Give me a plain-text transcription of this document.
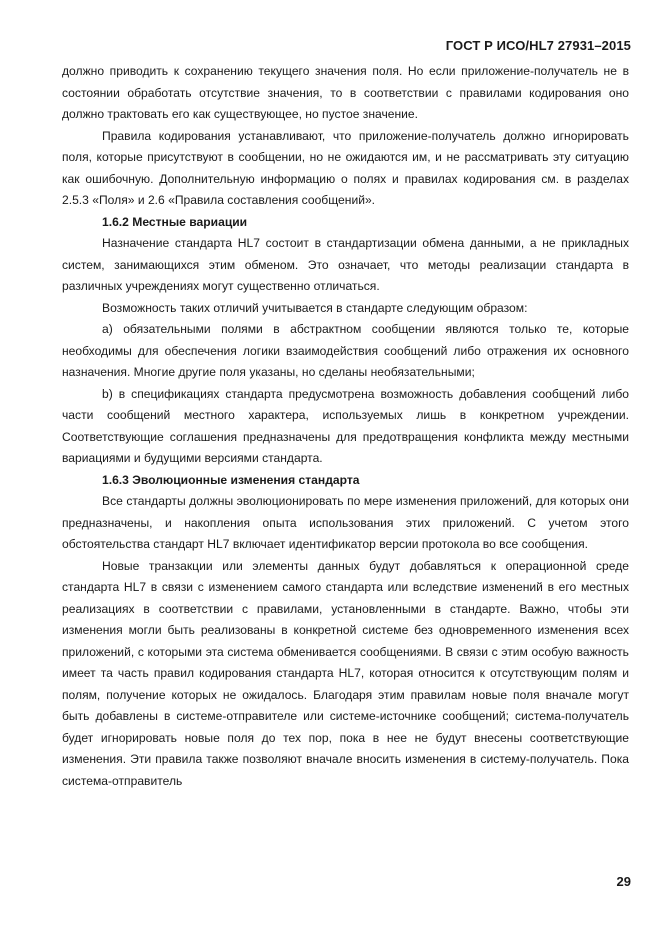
ГОСТ Р ИСО/HL7 27931–2015

должно приводить к сохранению текущего значения поля. Но если приложение-получатель не в состоянии обработать отсутствие значения, то в соответствии с правилами кодирования оно должно трактовать его как существующее, но пустое значение.

Правила кодирования устанавливают, что приложение-получатель должно игнорировать поля, которые присутствуют в сообщении, но не ожидаются им, и не рассматривать эту ситуацию как ошибочную. Дополнительную информацию о полях и правилах кодирования см. в разделах 2.5.3 «Поля» и 2.6 «Правила составления сообщений».

1.6.2 Местные вариации

Назначение стандарта HL7 состоит в стандартизации обмена данными, а не прикладных систем, занимающихся этим обменом. Это означает, что методы реализации стандарта в различных учреждениях могут существенно отличаться.

Возможность таких отличий учитывается в стандарте следующим образом:

a) обязательными полями в абстрактном сообщении являются только те, которые необходимы для обеспечения логики взаимодействия сообщений либо отражения их основного назначения. Многие другие поля указаны, но сделаны необязательными;

b) в спецификациях стандарта предусмотрена возможность добавления сообщений либо части сообщений местного характера, используемых лишь в конкретном учреждении. Соответствующие соглашения предназначены для предотвращения конфликта между местными вариациями и будущими версиями стандарта.

1.6.3 Эволюционные изменения стандарта

Все стандарты должны эволюционировать по мере изменения приложений, для которых они предназначены, и накопления опыта использования этих приложений. С учетом этого обстоятельства стандарт HL7 включает идентификатор версии протокола во все сообщения.

Новые транзакции или элементы данных будут добавляться к операционной среде стандарта HL7 в связи с изменением самого стандарта или вследствие изменений в его местных реализациях в соответствии с правилами, установленными в стандарте. Важно, чтобы эти изменения могли быть реализованы в конкретной системе без одновременного изменения всех приложений, с которыми эта система обменивается сообщениями. В связи с этим особую важность имеет та часть правил кодирования стандарта HL7, которая относится к отсутствующим полям и полям, получение которых не ожидалось. Благодаря этим правилам новые поля вначале могут быть добавлены в системе-отправителе или системе-источнике сообщений; система-получатель будет игнорировать новые поля до тех пор, пока в нее не будут внесены соответствующие изменения. Эти правила также позволяют вначале вносить изменения в систему-получатель. Пока система-отправитель

29
